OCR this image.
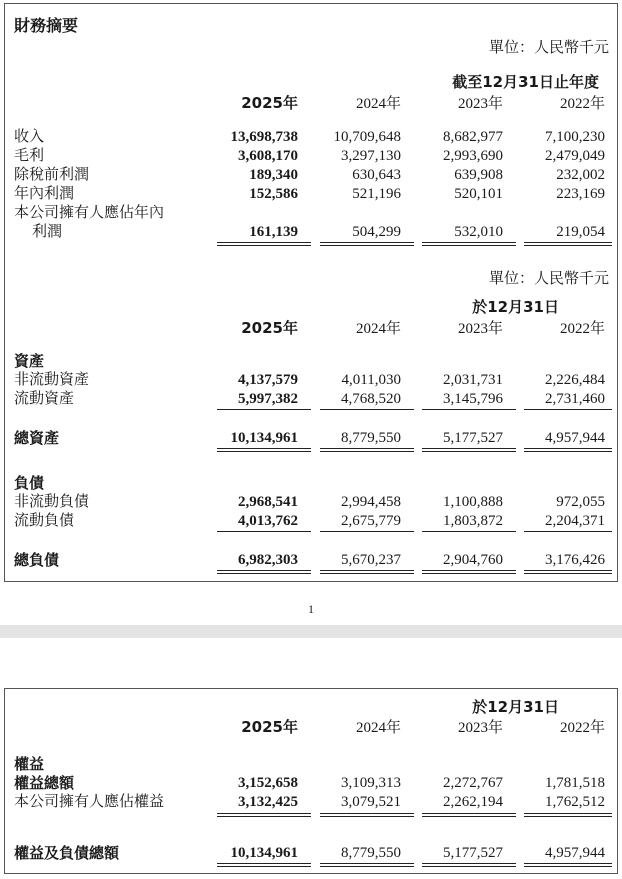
財務摘要
單位：人民幣千元
截至12月31日止年度
2025年	2024年	2023年	2022年
收入	13,698,738	10,709,648	8,682,977	7,100,230
毛利	3,608,170	3,297,130	2,993,690	2,479,049
除稅前利潤	189,340	630,643	639,908	232,002
年內利潤	152,586	521,196	520,101	223,169
本公司擁有人應佔年內
利潤	161,139	504,299	532,010	219,054
單位：人民幣千元
於12月31日
2025年	2024年	2023年	2022年
資產
非流動資產	4,137,579	4,011,030	2,031,731	2,226,484
流動資產	5,997,382	4,768,520	3,145,796	2,731,460
總資產	10,134,961	8,779,550	5,177,527	4,957,944
負債
非流動負債	2,968,541	2,994,458	1,100,888	972,055
流動負債	4,013,762	2,675,779	1,803,872	2,204,371
總負債	6,982,303	5,670,237	2,904,760	3,176,426
1
於12月31日
2025年	2024年	2023年	2022年
權益
權益總額	3,152,658	3,109,313	2,272,767	1,781,518
本公司擁有人應佔權益	3,132,425	3,079,521	2,262,194	1,762,512
權益及負債總額	10,134,961	8,779,550	5,177,527	4,957,944
